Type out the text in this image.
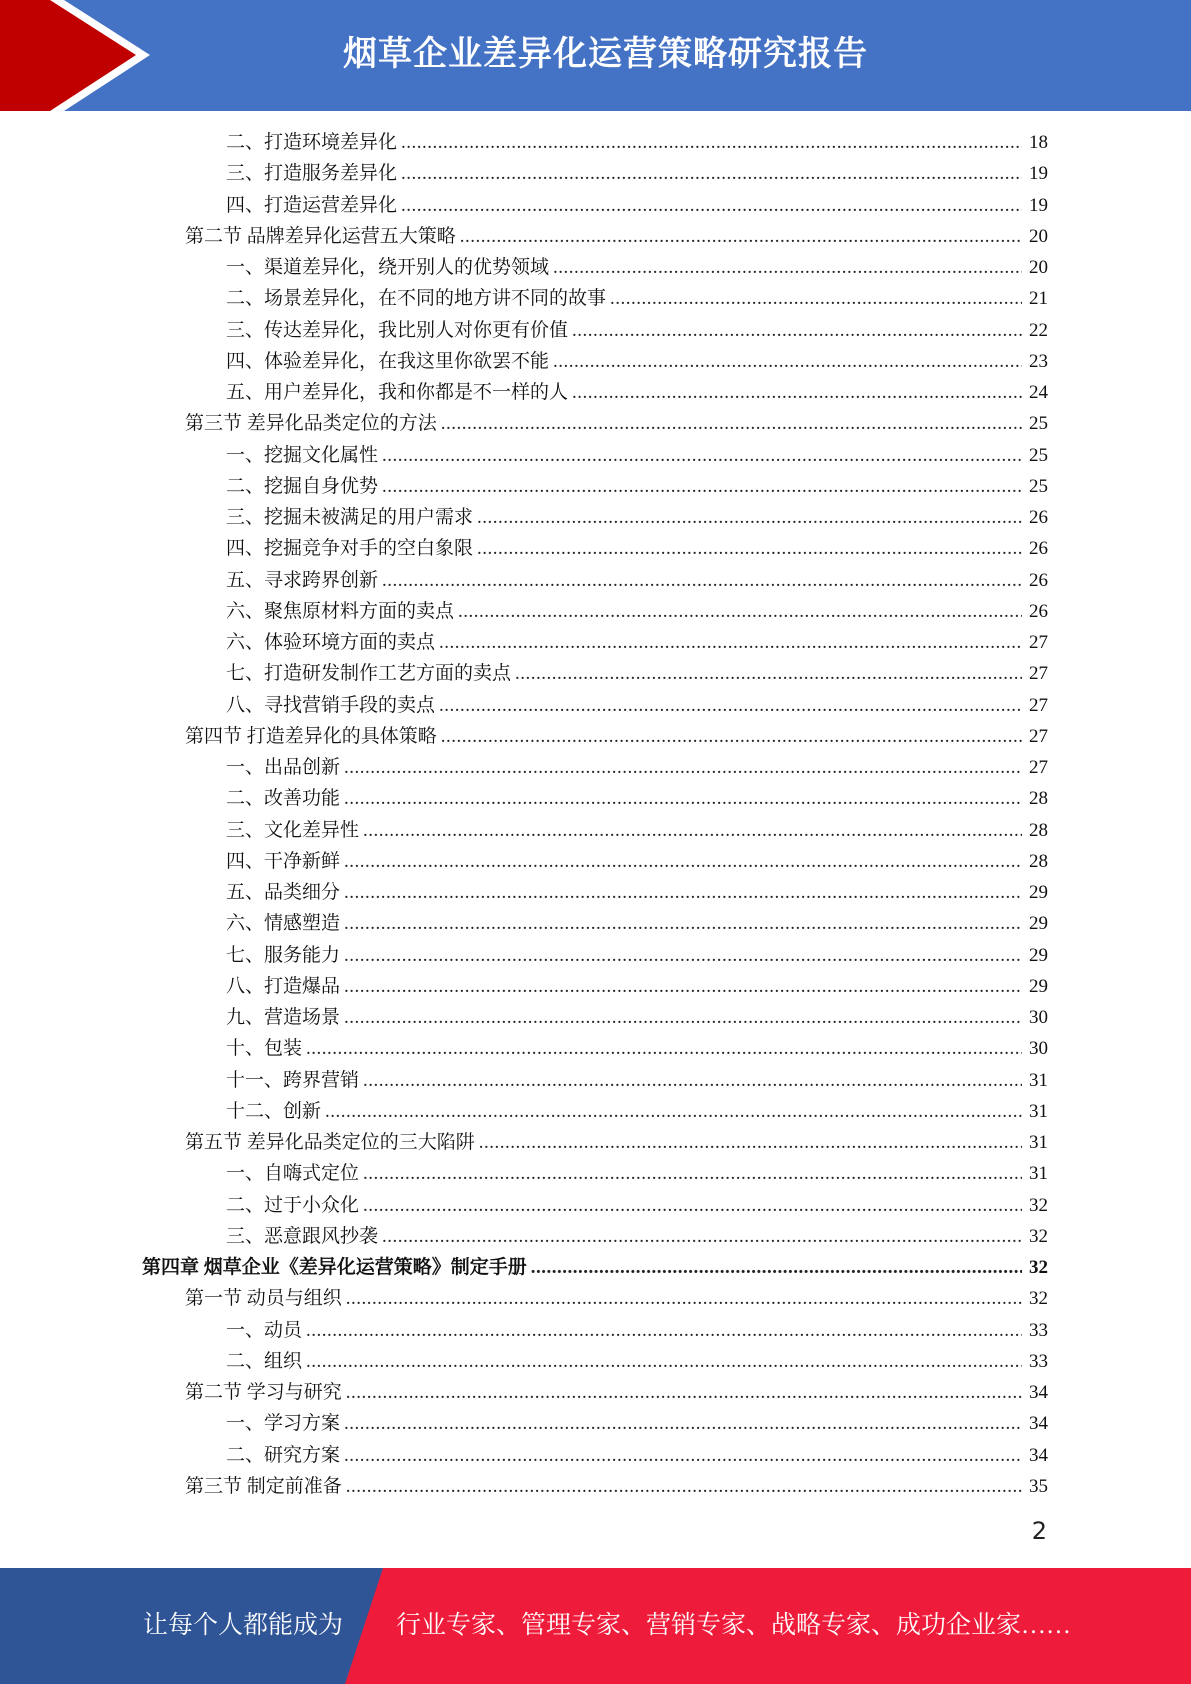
烟草企业差异化运营策略研究报告
二、打造环境差异化 .....	18
三、打造服务差异化 .....	19
四、打造运营差异化 .....	19
第二节 品牌差异化运营五大策略 .....	20
一、渠道差异化，绕开别人的优势领域 .....	20
二、场景差异化，在不同的地方讲不同的故事 .....	21
三、传达差异化，我比别人对你更有价值 .....	22
四、体验差异化，在我这里你欲罢不能 .....	23
五、用户差异化，我和你都是不一样的人 .....	24
第三节 差异化品类定位的方法 .....	25
一、挖掘文化属性 .....	25
二、挖掘自身优势 .....	25
三、挖掘未被满足的用户需求 .....	26
四、挖掘竞争对手的空白象限 .....	26
五、寻求跨界创新 .....	26
六、聚焦原材料方面的卖点 .....	26
六、体验环境方面的卖点 .....	27
七、打造研发制作工艺方面的卖点 .....	27
八、寻找营销手段的卖点 .....	27
第四节 打造差异化的具体策略 .....	27
一、出品创新 .....	27
二、改善功能 .....	28
三、文化差异性 .....	28
四、干净新鲜 .....	28
五、品类细分 .....	29
六、情感塑造 .....	29
七、服务能力 .....	29
八、打造爆品 .....	29
九、营造场景 .....	30
十、包装 .....	30
十一、跨界营销 .....	31
十二、创新 .....	31
第五节 差异化品类定位的三大陷阱 .....	31
一、自嗨式定位 .....	31
二、过于小众化 .....	32
三、恶意跟风抄袭 .....	32
第四章 烟草企业《差异化运营策略》制定手册 .....	32
第一节 动员与组织 .....	32
一、动员 .....	33
二、组织 .....	33
第二节 学习与研究 .....	34
一、学习方案 .....	34
二、研究方案 .....	34
第三节 制定前准备 .....	35
2
让每个人都能成为 行业专家、管理专家、营销专家、战略专家、成功企业家……
